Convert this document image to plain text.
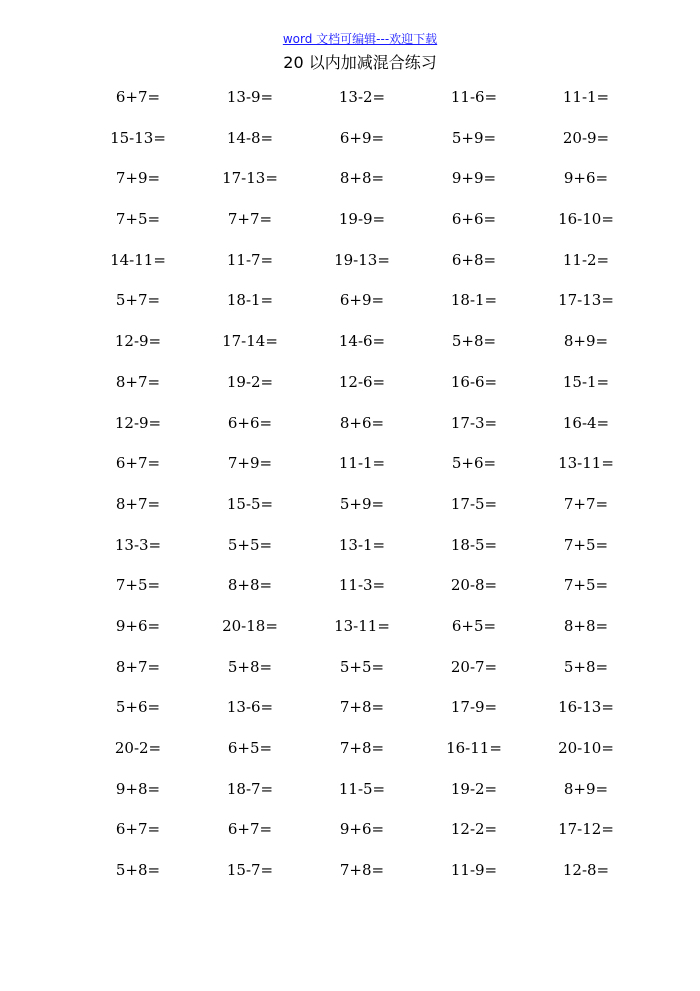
word 文档可编辑---欢迎下载
20 以内加减混合练习
6+7=	13-9=	13-2=	11-6=	11-1=
15-13=	14-8=	6+9=	5+9=	20-9=
7+9=	17-13=	8+8=	9+9=	9+6=
7+5=	7+7=	19-9=	6+6=	16-10=
14-11=	11-7=	19-13=	6+8=	11-2=
5+7=	18-1=	6+9=	18-1=	17-13=
12-9=	17-14=	14-6=	5+8=	8+9=
8+7=	19-2=	12-6=	16-6=	15-1=
12-9=	6+6=	8+6=	17-3=	16-4=
6+7=	7+9=	11-1=	5+6=	13-11=
8+7=	15-5=	5+9=	17-5=	7+7=
13-3=	5+5=	13-1=	18-5=	7+5=
7+5=	8+8=	11-3=	20-8=	7+5=
9+6=	20-18=	13-11=	6+5=	8+8=
8+7=	5+8=	5+5=	20-7=	5+8=
5+6=	13-6=	7+8=	17-9=	16-13=
20-2=	6+5=	7+8=	16-11=	20-10=
9+8=	18-7=	11-5=	19-2=	8+9=
6+7=	6+7=	9+6=	12-2=	17-12=
5+8=	15-7=	7+8=	11-9=	12-8=
